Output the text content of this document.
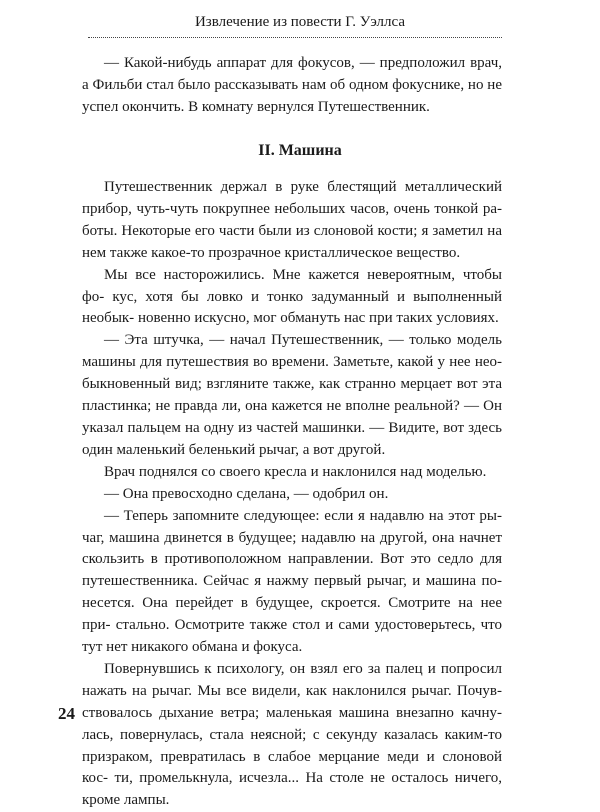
Извлечение из повести Г. Уэллса

— Какой-нибудь аппарат для фокусов, — предположил врач, а Фильби стал было рассказывать нам об одном фокуснике, но не успел окончить. В комнату вернулся Путешественник.

II. Машина

Путешественник держал в руке блестящий металлический прибор, чуть-чуть покрупнее небольших часов, очень тонкой ра- боты. Некоторые его части были из слоновой кости; я заметил на нем также какое-то прозрачное кристаллическое вещество.

Мы все насторожились. Мне кажется невероятным, чтобы фо- кус, хотя бы ловко и тонко задуманный и выполненный необык- новенно искусно, мог обмануть нас при таких условиях.

— Эта штучка, — начал Путешественник, — только модель машины для путешествия во времени. Заметьте, какой у нее нео- быкновенный вид; взгляните также, как странно мерцает вот эта пластинка; не правда ли, она кажется не вполне реальной? — Он указал пальцем на одну из частей машинки. — Видите, вот здесь один маленький беленький рычаг, а вот другой.

Врач поднялся со своего кресла и наклонился над моделью.

— Она превосходно сделана, — одобрил он.

— Теперь запомните следующее: если я надавлю на этот ры- чаг, машина двинется в будущее; надавлю на другой, она начнет скользить в противоположном направлении. Вот это седло для путешественника. Сейчас я нажму первый рычаг, и машина по- несется. Она перейдет в будущее, скроется. Смотрите на нее при- стально. Осмотрите также стол и сами удостоверьтесь, что тут нет никакого обмана и фокуса.

Повернувшись к психологу, он взял его за палец и попросил нажать на рычаг. Мы все видели, как наклонился рычаг. Почув- ствовалось дыхание ветра; маленькая машина внезапно качну- лась, повернулась, стала неясной; с секунду казалась каким-то призраком, превратилась в слабое мерцание меди и слоновой кос- ти, промелькнула, исчезла... На столе не осталось ничего, кроме лампы.

24
